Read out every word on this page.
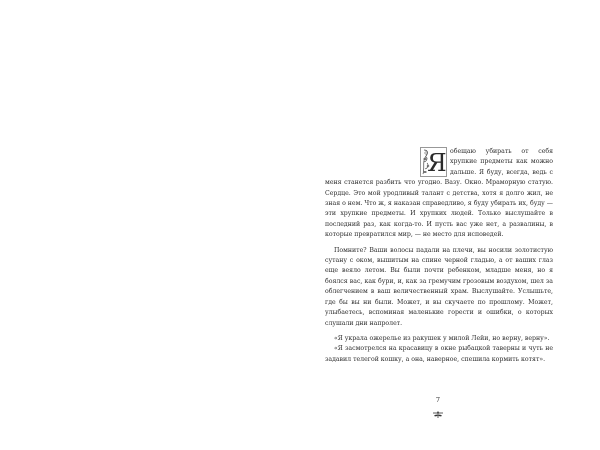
Я обещаю убирать от себя хрупкие предметы как можно дальше. Я буду, всегда, ведь с меня станется разбить что угодно. Вазу. Окно. Мраморную статую. Сердце. Это мой уродливый талант с детства, хотя я долго жил, не зная о нем. Что ж, я наказан справедливо, я буду убирать их, буду — эти хрупкие предметы. И хрупких людей. Только выслушайте в последний раз, как когда-то. И пусть вас уже нет, а развалины, в которые превратился мир, — не место для исповедей.

Помните? Ваши волосы падали на плечи, вы носили золотистую сутану с оком, вышитым на спине черной гладью, а от ваших глаз еще веяло летом. Вы были почти ребенком, младше меня, но я боялся вас, как бури, и, как за гремучим грозовым воздухом, шел за облегчением в ваш величественный храм. Выслушайте. Услышьте, где бы вы ни были. Может, и вы скучаете по прошлому. Может, улыбаетесь, вспоминая маленькие горести и ошибки, о которых слушали дни напролет.

«Я украла ожерелье из ракушек у милой Лейи, но верну, верну».

«Я засмотрелся на красавицу в окне рыбацкой таверны и чуть не задавил телегой кошку, а она, наверное, спешила кормить котят».

7
